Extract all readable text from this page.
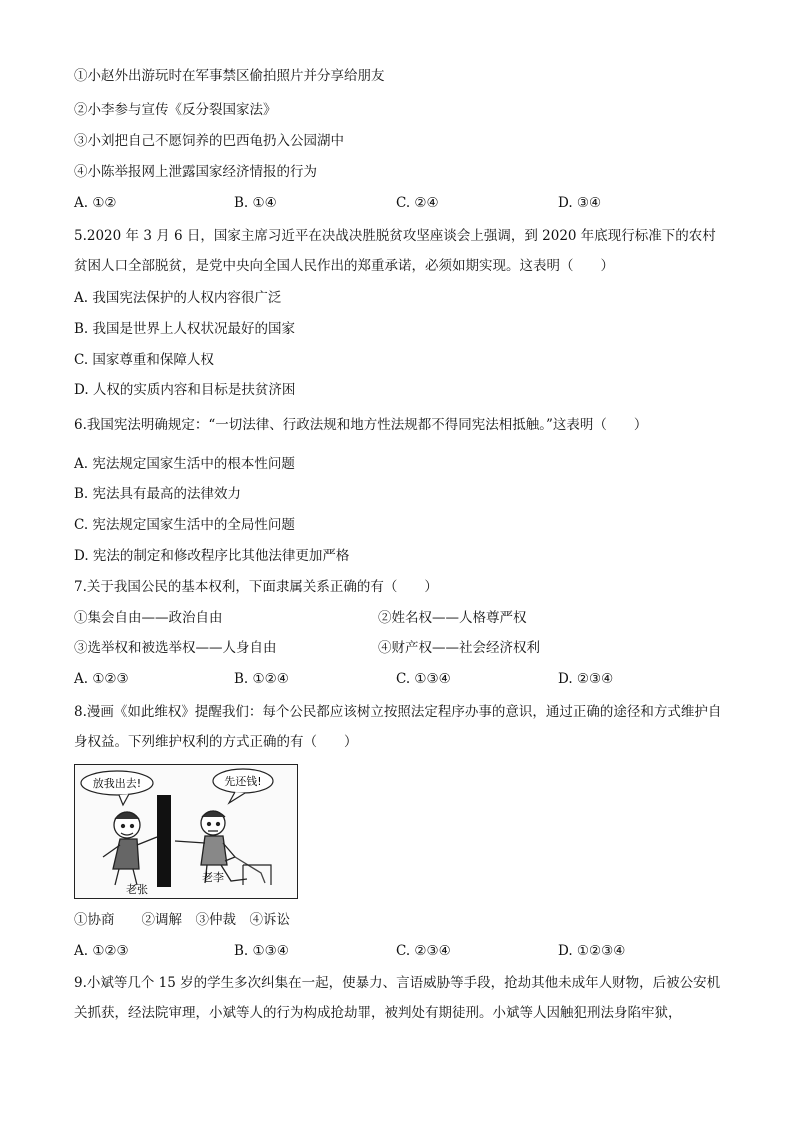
①小赵外出游玩时在军事禁区偷拍照片并分享给朋友
②小李参与宣传《反分裂国家法》
③小刘把自己不愿饲养的巴西龟扔入公园湖中
④小陈举报网上泄露国家经济情报的行为
A. ①②	B. ①④	C. ②④	D. ③④
5.2020 年 3 月 6 日，国家主席习近平在决战决胜脱贫攻坚座谈会上强调，到 2020 年底现行标准下的农村贫困人口全部脱贫，是党中央向全国人民作出的郑重承诺，必须如期实现。这表明（　　）
A. 我国宪法保护的人权内容很广泛
B. 我国是世界上人权状况最好的国家
C. 国家尊重和保障人权
D. 人权的实质内容和目标是扶贫济困
6.我国宪法明确规定：“一切法律、行政法规和地方性法规都不得同宪法相抵触。”这表明（　　）
A. 宪法规定国家生活中的根本性问题
B. 宪法具有最高的法律效力
C. 宪法规定国家生活中的全局性问题
D. 宪法的制定和修改程序比其他法律更加严格
7.关于我国公民的基本权利，下面隶属关系正确的有（　　）
①集会自由——政治自由	②姓名权——人格尊严权
③选举权和被选举权——人身自由	④财产权——社会经济权利
A. ①②③	B. ①②④	C. ①③④	D. ②③④
8.漫画《如此维权》提醒我们：每个公民都应该树立按照法定程序办事的意识，通过正确的途径和方式维护自身权益。下列维护权利的方式正确的有（　　）
放我出去!	先还钱!
老张
老李
①协商　　②调解　③仲裁　④诉讼
A. ①②③	B. ①③④	C. ②③④	D. ①②③④
9.小斌等几个 15 岁的学生多次纠集在一起，使暴力、言语威胁等手段，抢劫其他未成年人财物，后被公安机关抓获，经法院审理，小斌等人的行为构成抢劫罪，被判处有期徒刑。小斌等人因触犯刑法身陷牢狱，
